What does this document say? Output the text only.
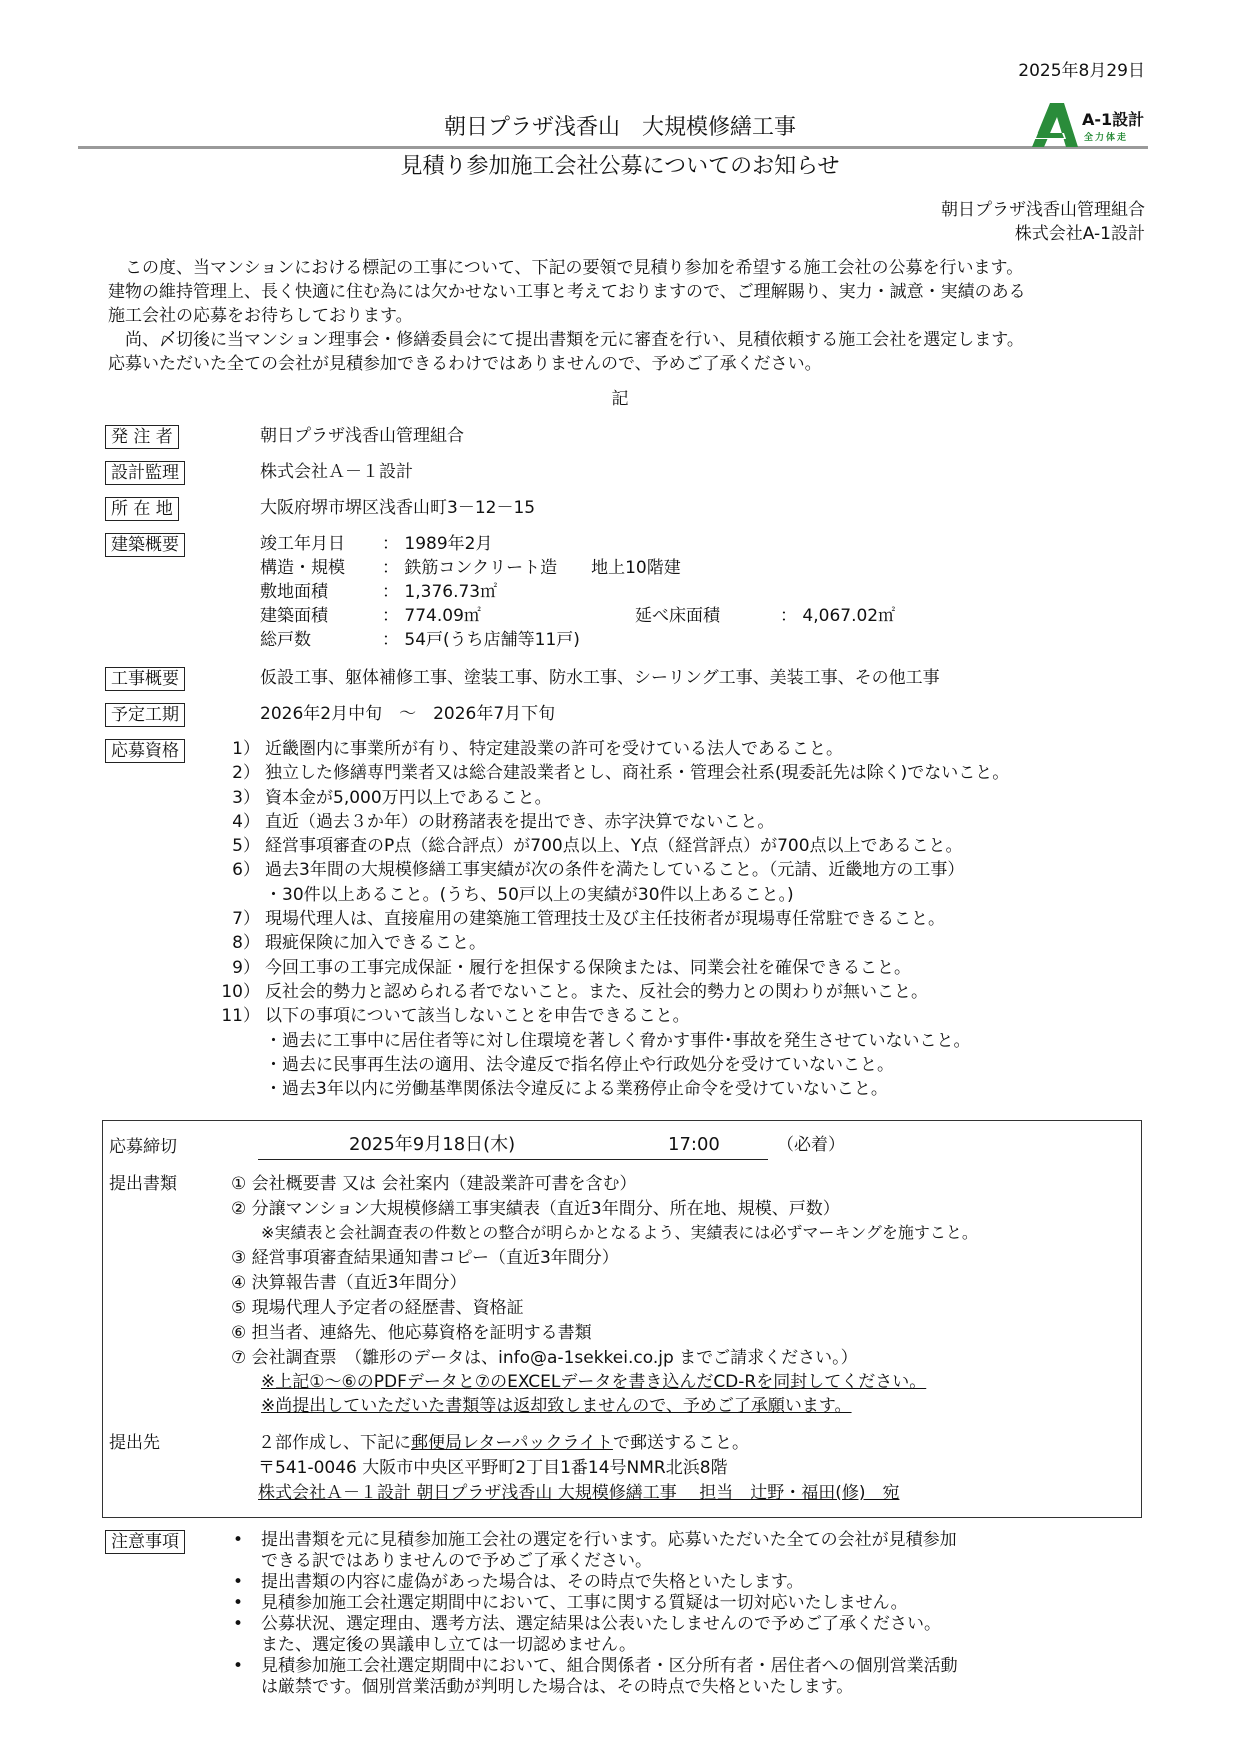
2025年8月29日
朝日プラザ浅香山　大規模修繕工事
見積り参加施工会社公募についてのお知らせ
A-1設計
全力体走
朝日プラザ浅香山管理組合
株式会社A-1設計

　この度、当マンションにおける標記の工事について、下記の要領で見積り参加を希望する施工会社の公募を行います。

建物の維持管理上、長く快適に住む為には欠かせない工事と考えておりますので、ご理解賜り、実力・誠意・実績のある

施工会社の応募をお待ちしております。

　尚、〆切後に当マンション理事会・修繕委員会にて提出書類を元に審査を行い、見積依頼する施工会社を選定します。

応募いただいた全ての会社が見積参加できるわけではありませんので、予めご了承ください。

記
発 注 者	朝日プラザ浅香山管理組合
設計監理	株式会社Ａ－１設計
所 在 地	大阪府堺市堺区浅香山町3－12－15
建築概要	竣工年月日 ： 1989年2月
構造・規模 ： 鉄筋コンクリート造　　地上10階建
敷地面積	： 1,376.73㎡
建築面積	： 774.09㎡	延べ床面積	： 4,067.02㎡
総戸数	： 54戸(うち店舗等11戸)
工事概要	仮設工事、躯体補修工事、塗装工事、防水工事、シーリング工事、美装工事、その他工事
予定工期	2026年2月中旬　～　2026年7月下旬
応募資格	1） 近畿圏内に事業所が有り、特定建設業の許可を受けている法人であること。
2） 独立した修繕専門業者又は総合建設業者とし、商社系・管理会社系(現委託先は除く)でないこと。
3） 資本金が5,000万円以上であること。
4） 直近（過去３か年）の財務諸表を提出でき、赤字決算でないこと。
5） 経営事項審査のP点（総合評点）が700点以上、Y点（経営評点）が700点以上であること。
6） 過去3年間の大規模修繕工事実績が次の条件を満たしていること。（元請、近畿地方の工事）
・30件以上あること。(うち、50戸以上の実績が30件以上あること。)
7） 現場代理人は、直接雇用の建築施工管理技士及び主任技術者が現場専任常駐できること。
8） 瑕疵保険に加入できること。
9） 今回工事の工事完成保証・履行を担保する保険または、同業会社を確保できること。
10） 反社会的勢力と認められる者でないこと。また、反社会的勢力との関わりが無いこと。
11） 以下の事項について該当しないことを申告できること。
・過去に工事中に居住者等に対し住環境を著しく脅かす事件･事故を発生させていないこと。
・過去に民事再生法の適用、法令違反で指名停止や行政処分を受けていないこと。
・過去3年以内に労働基準関係法令違反による業務停止命令を受けていないこと。
応募締切	2025年9月18日(木)	17:00	（必着）
提出書類	① 会社概要書 又は 会社案内（建設業許可書を含む）
② 分譲マンション大規模修繕工事実績表（直近3年間分、所在地、規模、戸数）
※実績表と会社調査表の件数との整合が明らかとなるよう、実績表には必ずマーキングを施すこと。
③ 経営事項審査結果通知書コピー（直近3年間分）
④ 決算報告書（直近3年間分）
⑤ 現場代理人予定者の経歴書、資格証
⑥ 担当者、連絡先、他応募資格を証明する書類
⑦ 会社調査票　（雛形のデータは、info@a-1sekkei.co.jp までご請求ください。）
※上記①～⑥のPDFデータと⑦のEXCELデータを書き込んだCD-Rを同封してください。
※尚提出していただいた書類等は返却致しませんので、予めご了承願います。
提出先	２部作成し、下記に郵便局レターパックライトで郵送すること。
〒541-0046 大阪市中央区平野町2丁目1番14号NMR北浜8階
株式会社Ａ－１設計 朝日プラザ浅香山 大規模修繕工事　 担当　辻野・福田(修)　宛
注意事項	• 提出書類を元に見積参加施工会社の選定を行います。応募いただいた全ての会社が見積参加
できる訳ではありませんので予めご了承ください。
• 提出書類の内容に虚偽があった場合は、その時点で失格といたします。
• 見積参加施工会社選定期間中において、工事に関する質疑は一切対応いたしません。
• 公募状況、選定理由、選考方法、選定結果は公表いたしませんので予めご了承ください。
また、選定後の異議申し立ては一切認めません。
• 見積参加施工会社選定期間中において、組合関係者・区分所有者・居住者への個別営業活動
は厳禁です。個別営業活動が判明した場合は、その時点で失格といたします。
